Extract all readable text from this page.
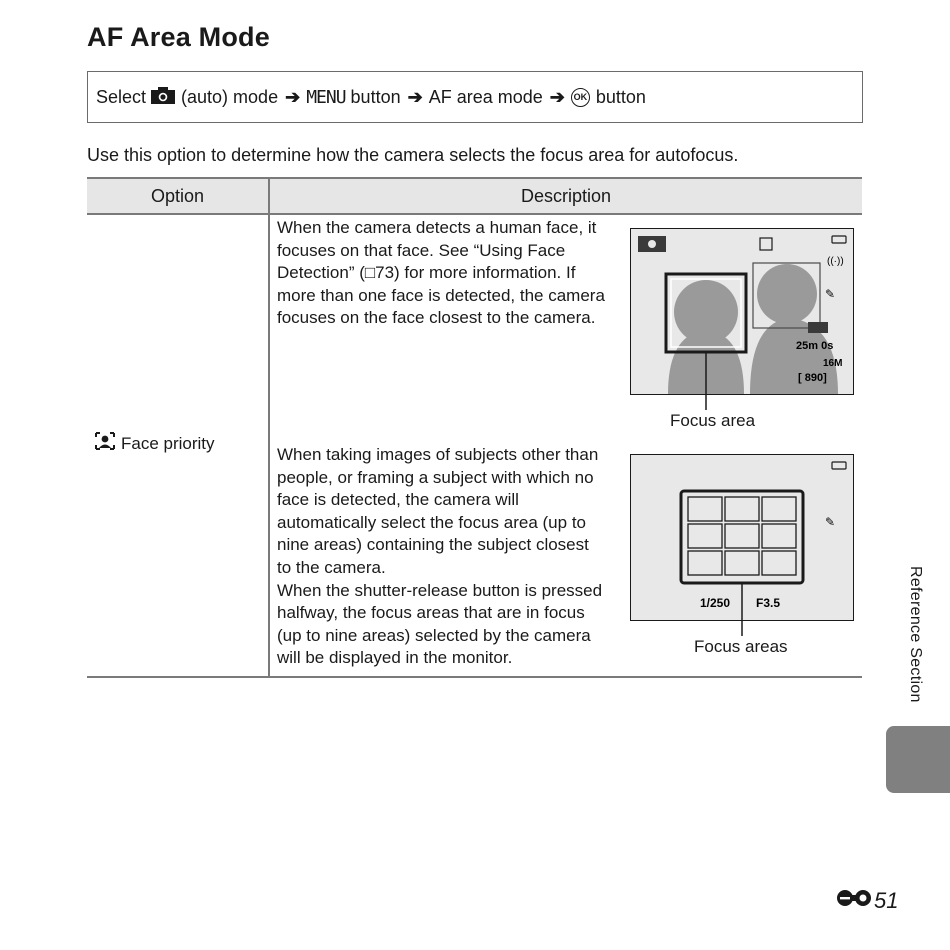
AF Area Mode
Select (auto) mode ➔ MENU button ➔ AF area mode ➔ OK button
Use this option to determine how the camera selects the focus area for autofocus.
Option	Description
Face priority
When the camera detects a human face, it focuses on that face. See “Using Face Detection” (□73) for more information. If more than one face is detected, the camera focuses on the face closest to the camera.
When taking images of subjects other than people, or framing a subject with which no face is detected, the camera will automatically select the focus area (up to nine areas) containing the subject closest to the camera.
When the shutter-release button is pressed halfway, the focus areas that are in focus (up to nine areas) selected by the camera will be displayed in the monitor.
((·))
✎
25m 0s
16M
[ 890]
Focus area
✎
1/250 F3.5
Focus areas	Reference Section
51
